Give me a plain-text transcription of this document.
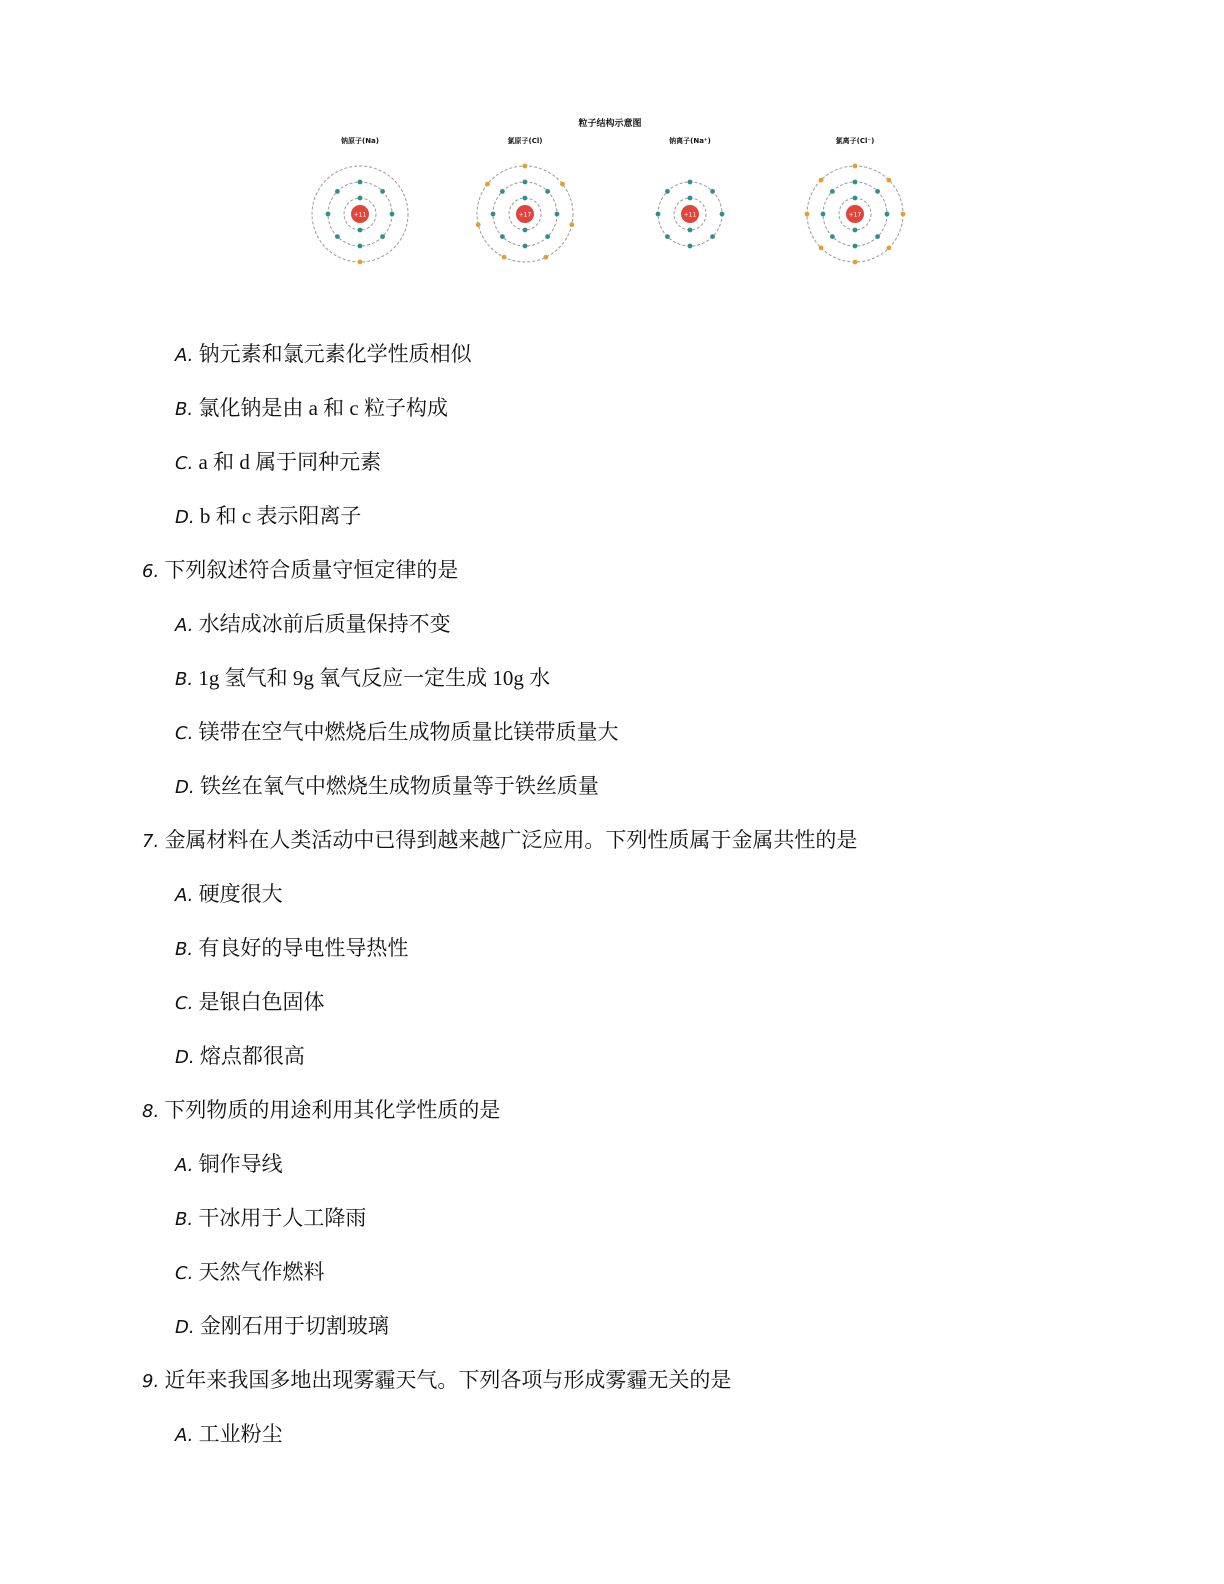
粒子结构示意图
钠原子(Na)
+11
氯原子(Cl)
+17
钠离子(Na⁺)
+11
氯离子(Cl⁻)
+17
A. 钠元素和氯元素化学性质相似
B. 氯化钠是由 a 和 c 粒子构成
C. a 和 d 属于同种元素
D. b 和 c 表示阳离子
6. 下列叙述符合质量守恒定律的是
A. 水结成冰前后质量保持不变
B. 1g 氢气和 9g 氧气反应一定生成 10g 水
C. 镁带在空气中燃烧后生成物质量比镁带质量大
D. 铁丝在氧气中燃烧生成物质量等于铁丝质量
7. 金属材料在人类活动中已得到越来越广泛应用。下列性质属于金属共性的是
A. 硬度很大
B. 有良好的导电性导热性
C. 是银白色固体
D. 熔点都很高
8. 下列物质的用途利用其化学性质的是
A. 铜作导线
B. 干冰用于人工降雨
C. 天然气作燃料
D. 金刚石用于切割玻璃
9. 近年来我国多地出现雾霾天气。下列各项与形成雾霾无关的是
A. 工业粉尘
